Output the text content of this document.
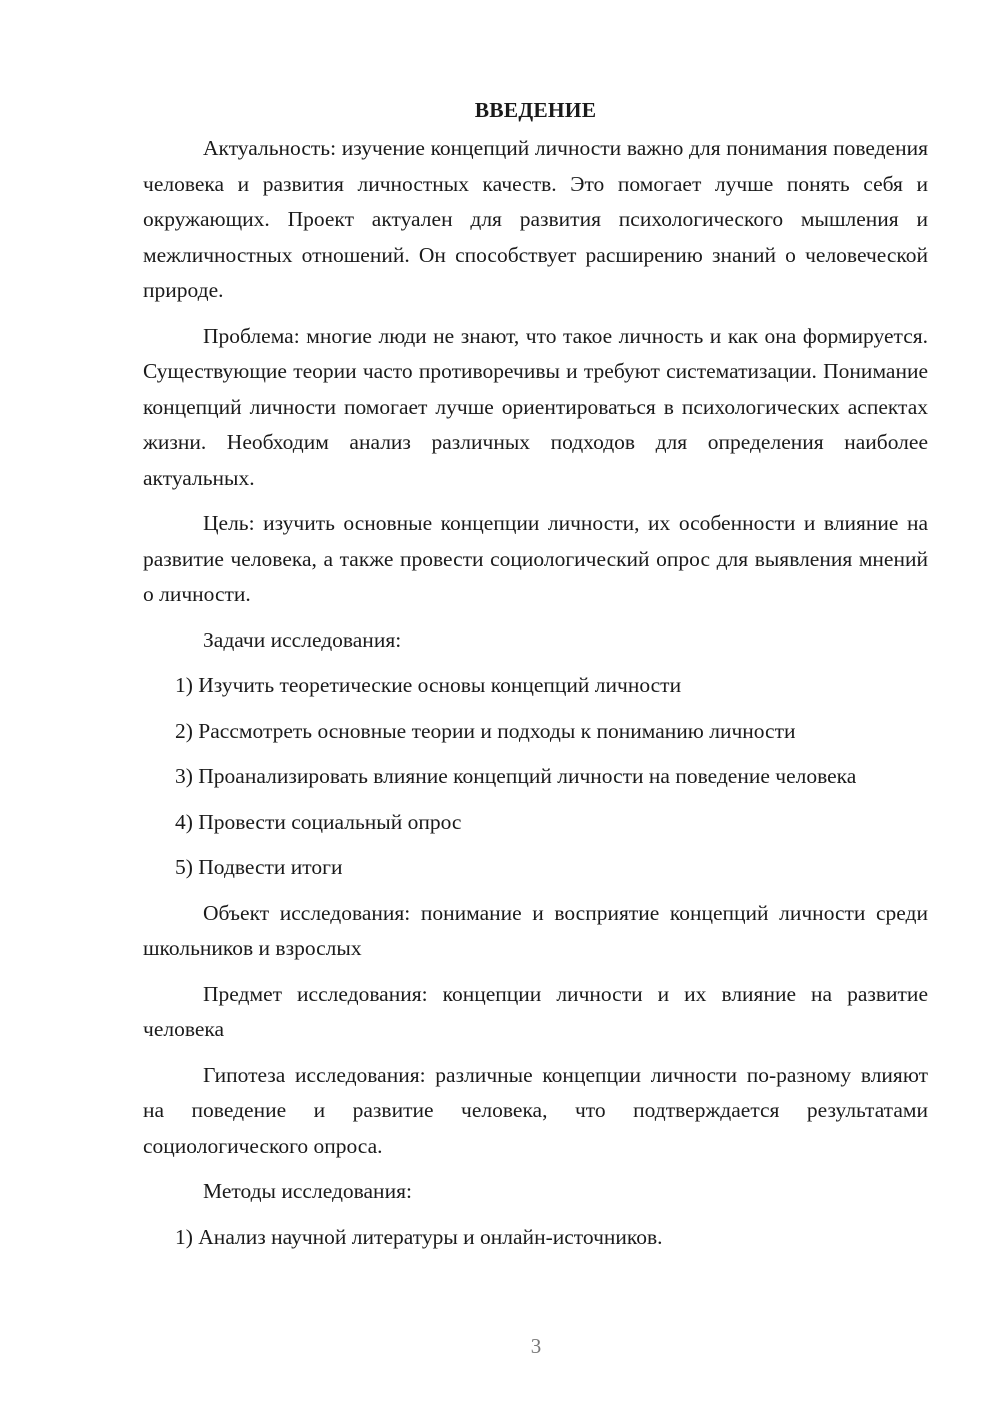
ВВЕДЕНИЕ

Актуальность: изучение концепций личности важно для понимания поведения человека и развития личностных качеств. Это помогает лучше понять себя и окружающих. Проект актуален для развития психологического мышления и межличностных отношений. Он способствует расширению знаний о человеческой природе.

Проблема: многие люди не знают, что такое личность и как она формируется. Существующие теории часто противоречивы и требуют систематизации. Понимание концепций личности помогает лучше ориентироваться в психологических аспектах жизни. Необходим анализ различных подходов для определения наиболее актуальных.

Цель: изучить основные концепции личности, их особенности и влияние на развитие человека, а также провести социологический опрос для выявления мнений о личности.

Задачи исследования:

1) Изучить теоретические основы концепций личности

2) Рассмотреть основные теории и подходы к пониманию личности

3) Проанализировать влияние концепций личности на поведение человека

4) Провести социальный опрос

5) Подвести итоги

Объект исследования: понимание и восприятие концепций личности среди школьников и взрослых

Предмет исследования: концепции личности и их влияние на развитие человека

Гипотеза исследования: различные концепции личности по-разному влияют на поведение и развитие человека, что подтверждается результатами социологического опроса.

Методы исследования:

1) Анализ научной литературы и онлайн-источников.

3
